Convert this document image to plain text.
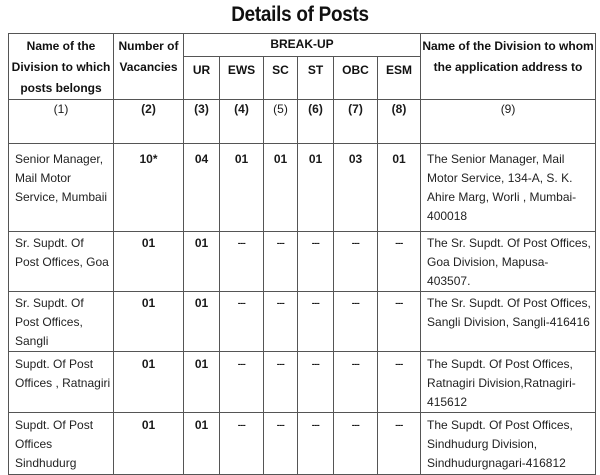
Details of Posts
Name of the Division to which posts belongs	Number of Vacancies	BREAK-UP						Name of the Division to whom the application address to
		UR	EWS	SC	ST	OBC	ESM	
(1)	(2)	(3)	(4)	(5)	(6)	(7)	(8)	(9)
Senior Manager, Mail Motor Service, Mumbaii	10*	04	01	01	01	03	01	The Senior Manager, Mail Motor Service, 134-A, S. K. Ahire Marg, Worli , Mumbai-400018
Sr. Supdt. Of Post Offices, Goa	01	01	---	---	---	---	---	The Sr. Supdt. Of Post Offices, Goa Division, Mapusa-403507.
Sr. Supdt. Of Post Offices, Sangli	01	01	---	---	---	---	---	The Sr. Supdt. Of Post Offices, Sangli Division, Sangli-416416
Supdt. Of Post Offices , Ratnagiri	01	01	---	---	---	---	---	The Supdt. Of Post Offices, Ratnagiri Division,Ratnagiri-415612
Supdt. Of Post Offices Sindhudurg	01	01	---	---	---	---	---	The Supdt. Of Post Offices, Sindhudurg Division, Sindhudurgnagari-416812
